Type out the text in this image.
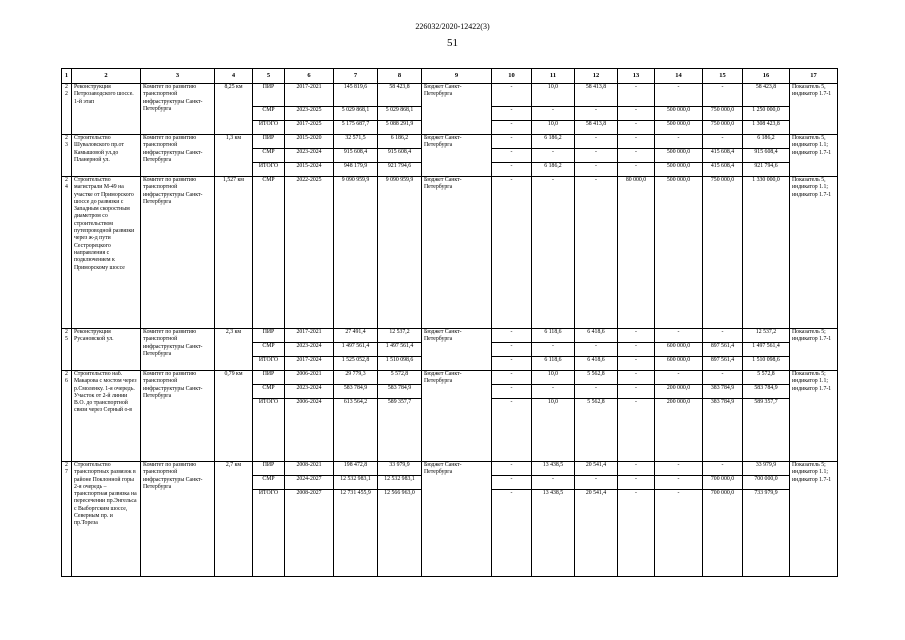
226032/2020-12422(3)
51
1	2	3	4	5	6	7	8	9	10	11	12	13	14	15	16	17
22	Реконструкция Петрозаводского шоссе. 1-й этап	Комитет по развитию транспортной инфраструктуры Санкт-Петербурга	8,25 км	ПИР	2017-2021	145 819,6	58 423,8	Бюджет Санкт-Петербурга	-	10,0	58 413,8	-	-	-	58 423,8	Показатель 5, индикатор 1.7-1
				СМР	2023-2025	5 029 868,1	5 029 868,1		-	-	-	-	500 000,0	750 000,0	1 250 000,0	
				ИТОГО	2017-2025	5 175 687,7	5 088 291,9		-	10,0	58 413,8	-	500 000,0	750 000,0	1 308 423,8	
23	Строительство Шуваловского пр.от Камышовой ул.до Планерной ул.	Комитет по развитию транспортной инфраструктуры Санкт-Петербурга	1,3 км	ПИР	2015-2020	32 571,5	6 186,2	Бюджет Санкт-Петербурга	-	6 186,2	-	-	-	-	6 186,2	Показатель 5, индикатор 1.1; индикатор 1.7-1
				СМР	2023-2024	915 608,4	915 608,4		-	-	-	-	500 000,0	415 608,4	915 608,4	
				ИТОГО	2015-2024	948 179,9	921 794,6		-	6 186,2	-	-	500 000,0	415 608,4	921 794,6	
24	Строительство магистрали М-49 на участке от Приморского шоссе до развязки с Западным скоростным диаметром со строительством путепроводной развязки через ж-д пути Сестрорецкого направления с подключением к Приморскому шоссе	Комитет по развитию транспортной инфраструктуры Санкт-Петербурга	1,527 км	СМР	2022-2025	9 090 959,9	9 090 959,9	Бюджет Санкт-Петербурга	-	-	-	80 000,0	500 000,0	750 000,0	1 330 000,0	Показатель 5, индикатор 1.1; индикатор 1.7-1
25	Реконструкция Русановской ул.	Комитет по развитию транспортной инфраструктуры Санкт-Петербурга	2,3 км	ПИР	2017-2021	27 491,4	12 537,2	Бюджет Санкт-Петербурга	-	6 118,6	6 418,6	-	-	-	12 537,2	Показатель 5; индикатор 1.7-1
				СМР	2023-2024	1 497 561,4	1 497 561,4		-	-	-	-	600 000,0	897 561,4	1 497 561,4	
				ИТОГО	2017-2024	1 525 052,8	1 510 098,6		-	6 118,6	6 418,6	-	600 000,0	897 561,4	1 510 098,6	
26	Строительство наб. Макарова с мостом через р.Смоленку. 1-я очередь. Участок от 2-й линии В.О. до транспортной связи через Серный о-в	Комитет по развитию транспортной инфраструктуры Санкт-Петербурга	0,79 км	ПИР	2006-2021	29 779,3	5 572,8	Бюджет Санкт-Петербурга	-	10,0	5 562,8	-	-	-	5 572,8	Показатель 5; индикатор 1.1; индикатор 1.7-1
				СМР	2023-2024	583 784,9	583 784,9		-	-	-	-	200 000,0	383 784,9	583 784,9	
				ИТОГО	2006-2024	613 564,2	589 357,7		-	10,0	5 562,8	-	200 000,0	383 784,9	589 357,7	
27	Строительство транспортных развязок в районе Поклонной горы 2-я очередь – транспортная развязка на пересечении пр.Энгельса с Выборгским шоссе, Северным пр. и пр.Тореза	Комитет по развитию транспортной инфраструктуры Санкт-Петербурга	2,7 км	ПИР	2008-2021	198 472,8	33 979,9	Бюджет Санкт-Петербурга	-	13 438,5	20 541,4	-	-	-	33 979,9	Показатель 5; индикатор 1.1; индикатор 1.7-1
				СМР	2024-2027	12 532 983,1	12 532 983,1		-	-	-	-	-	700 000,0	700 000,0	
				ИТОГО	2008-2027	12 731 455,9	12 566 963,0		-	13 438,5	20 541,4	-	-	700 000,0	733 979,9	
